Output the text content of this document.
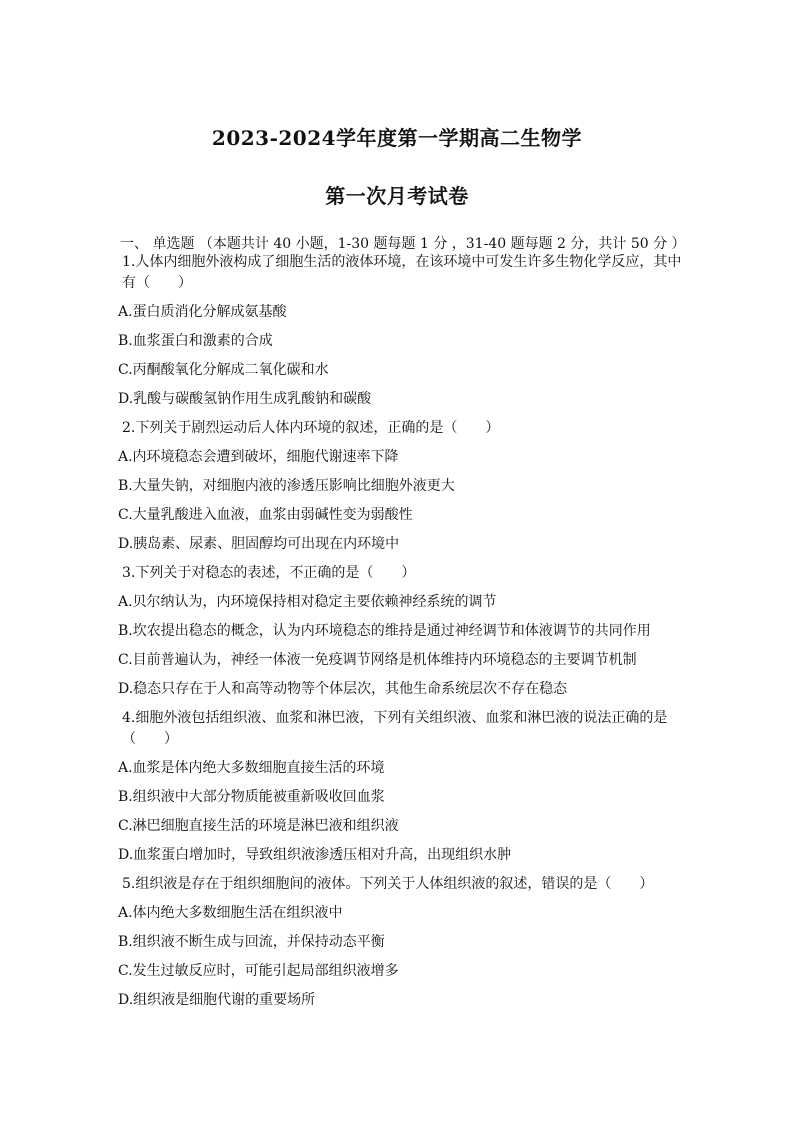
2023-2024学年度第一学期高二生物学
第一次月考试卷
一、 单选题 （本题共计 40 小题，1-30 题每题 1 分 ，31-40 题每题 2 分，共计 50 分 ）
1.人体内细胞外液构成了细胞生活的液体环境，在该环境中可发生许多生物化学反应，其中有（　　）
A.蛋白质消化分解成氨基酸
B.血浆蛋白和激素的合成
C.丙酮酸氧化分解成二氧化碳和水
D.乳酸与碳酸氢钠作用生成乳酸钠和碳酸
2.下列关于剧烈运动后人体内环境的叙述，正确的是（　　）
A.内环境稳态会遭到破坏，细胞代谢速率下降
B.大量失钠，对细胞内液的渗透压影响比细胞外液更大
C.大量乳酸进入血液，血浆由弱碱性变为弱酸性
D.胰岛素、尿素、胆固醇均可出现在内环境中
3.下列关于对稳态的表述，不正确的是（　　）
A.贝尔纳认为，内环境保持相对稳定主要依赖神经系统的调节
B.坎农提出稳态的概念，认为内环境稳态的维持是通过神经调节和体液调节的共同作用
C.目前普遍认为，神经一体液一免疫调节网络是机体维持内环境稳态的主要调节机制
D.稳态只存在于人和高等动物等个体层次，其他生命系统层次不存在稳态
4.细胞外液包括组织液、血浆和淋巴液，下列有关组织液、血浆和淋巴液的说法正确的是（　　）
A.血浆是体内绝大多数细胞直接生活的环境
B.组织液中大部分物质能被重新吸收回血浆
C.淋巴细胞直接生活的环境是淋巴液和组织液
D.血浆蛋白增加时，导致组织液渗透压相对升高，出现组织水肿
5.组织液是存在于组织细胞间的液体。下列关于人体组织液的叙述，错误的是（　　）
A.体内绝大多数细胞生活在组织液中
B.组织液不断生成与回流，并保持动态平衡
C.发生过敏反应时，可能引起局部组织液增多
D.组织液是细胞代谢的重要场所
